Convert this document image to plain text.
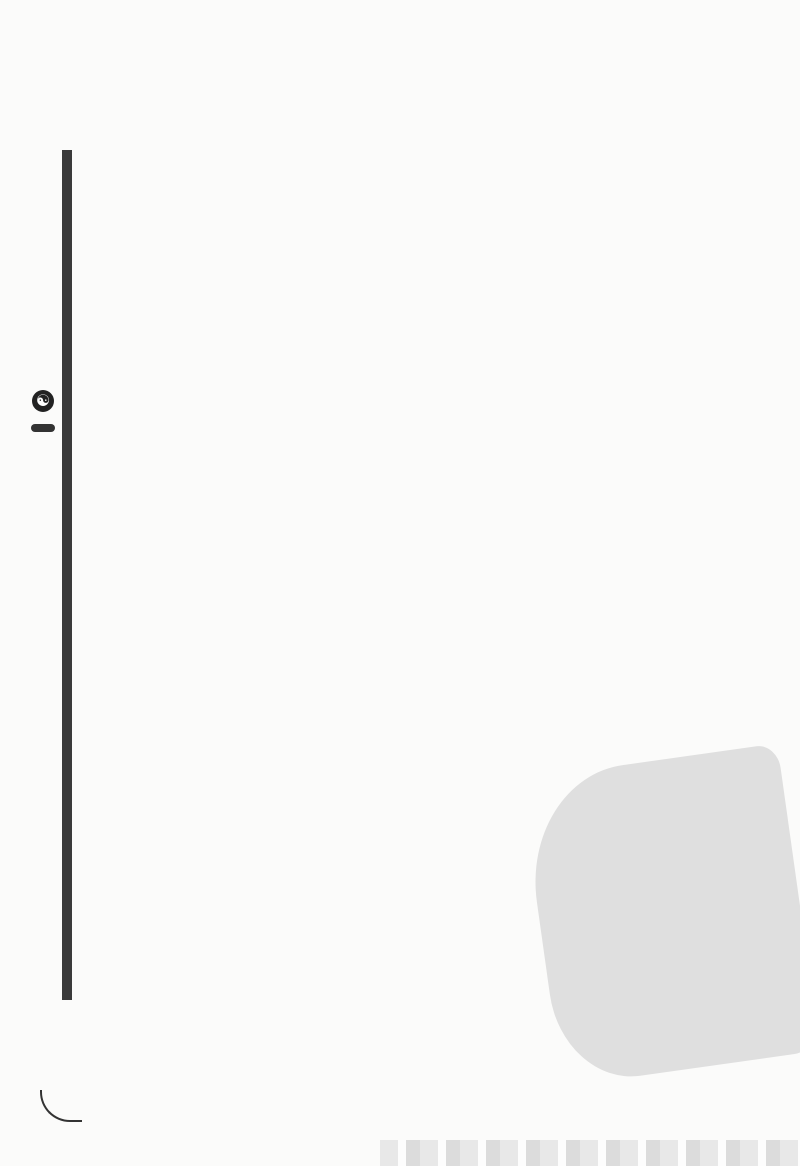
☯
